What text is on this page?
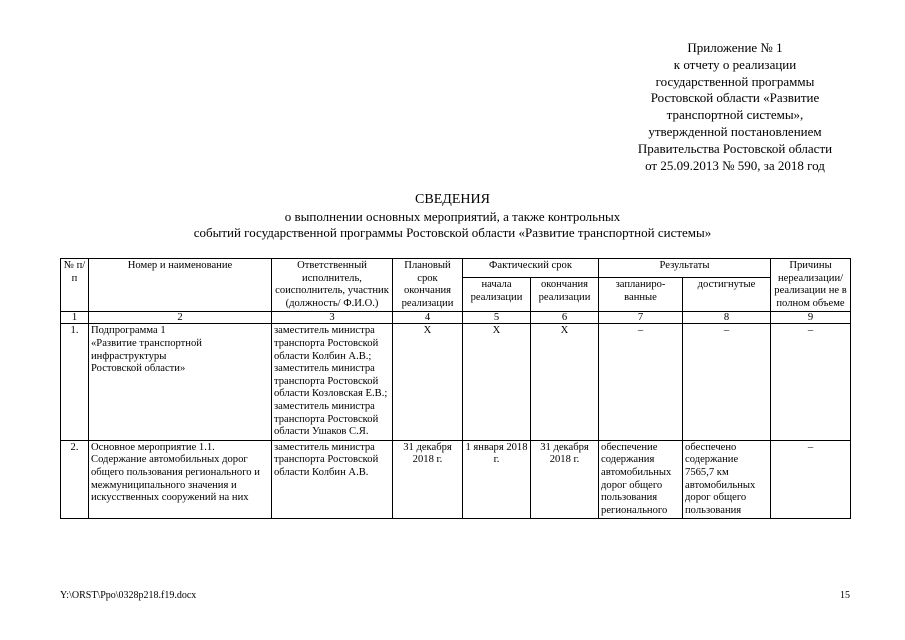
Приложение № 1
к отчету о реализации
государственной программы
Ростовской области «Развитие
транспортной системы»,
утвержденной постановлением
Правительства Ростовской области
от 25.09.2013 № 590, за 2018 год
СВЕДЕНИЯ
о выполнении основных мероприятий, а также контрольных
событий государственной программы Ростовской области «Развитие транспортной системы»
№ п/п	Номер и наименование	Ответственный исполнитель, соисполнитель, участник (должность/ Ф.И.О.)	Плановый срок окончания реализации	Фактический срок		Результаты		Причины нереализации/ реализации не в полном объеме
				начала реализации	окончания реализации	запланиро-ванные	достигнутые	
1	2	3	4	5	6	7	8	9
1.	Подпрограмма 1
«Развитие транспортной инфраструктуры
Ростовской области»	заместитель министра транспорта Ростовской области Колбин А.В.;
заместитель министра транспорта Ростовской области Козловская Е.В.;
заместитель министра транспорта Ростовской области Ушаков С.Я.	Х	Х	Х	–	–	–
2.	Основное мероприятие 1.1.
Содержание автомобильных дорог общего пользования регионального и межмуниципального значения и искусственных сооружений на них	заместитель министра транспорта Ростовской области Колбин А.В.	31 декабря 2018 г.	1 января 2018 г.	31 декабря 2018 г.	обеспечение содержания автомобильных дорог общего пользования регионального	обеспечено содержание 7565,7 км автомобильных дорог общего пользования	–
Y:\ORST\Ppo\0328p218.f19.docx	15
